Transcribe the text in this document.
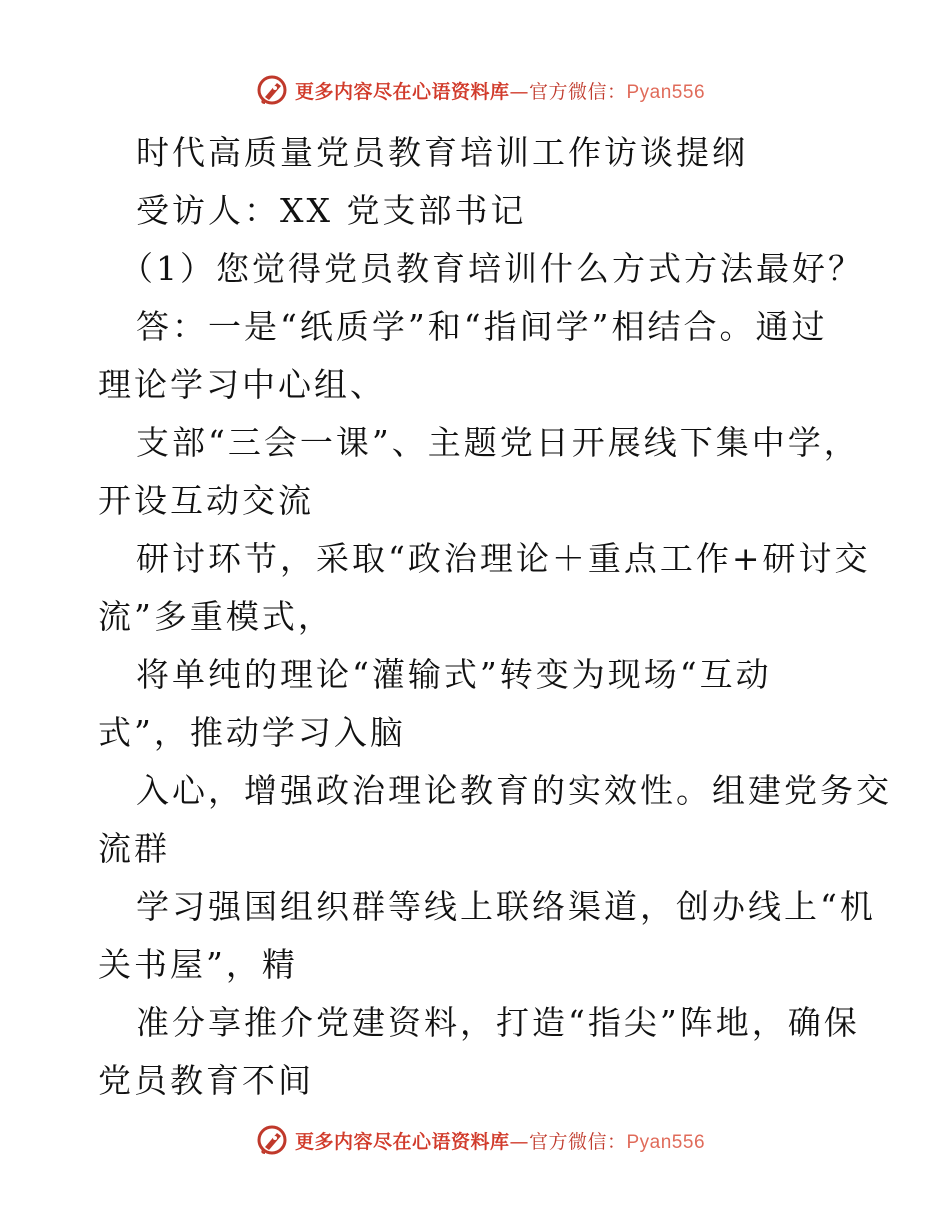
更多内容尽在心语资料库—官方微信：Pyan556
时代高质量党员教育培训工作访谈提纲
受访人：XX 党支部书记
（1）您觉得党员教育培训什么方式方法最好？
答：一是“纸质学”和“指间学”相结合。通过
理论学习中心组、
支部“三会一课”、主题党日开展线下集中学，
开设互动交流
研讨环节，采取“政治理论＋重点工作+研讨交
流”多重模式，
将单纯的理论“灌输式”转变为现场“互动
式”，推动学习入脑
入心，增强政治理论教育的实效性。组建党务交
流群
学习强国组织群等线上联络渠道，创办线上“机
关书屋”，精
准分享推介党建资料，打造“指尖”阵地，确保
党员教育不间
更多内容尽在心语资料库—官方微信：Pyan556
